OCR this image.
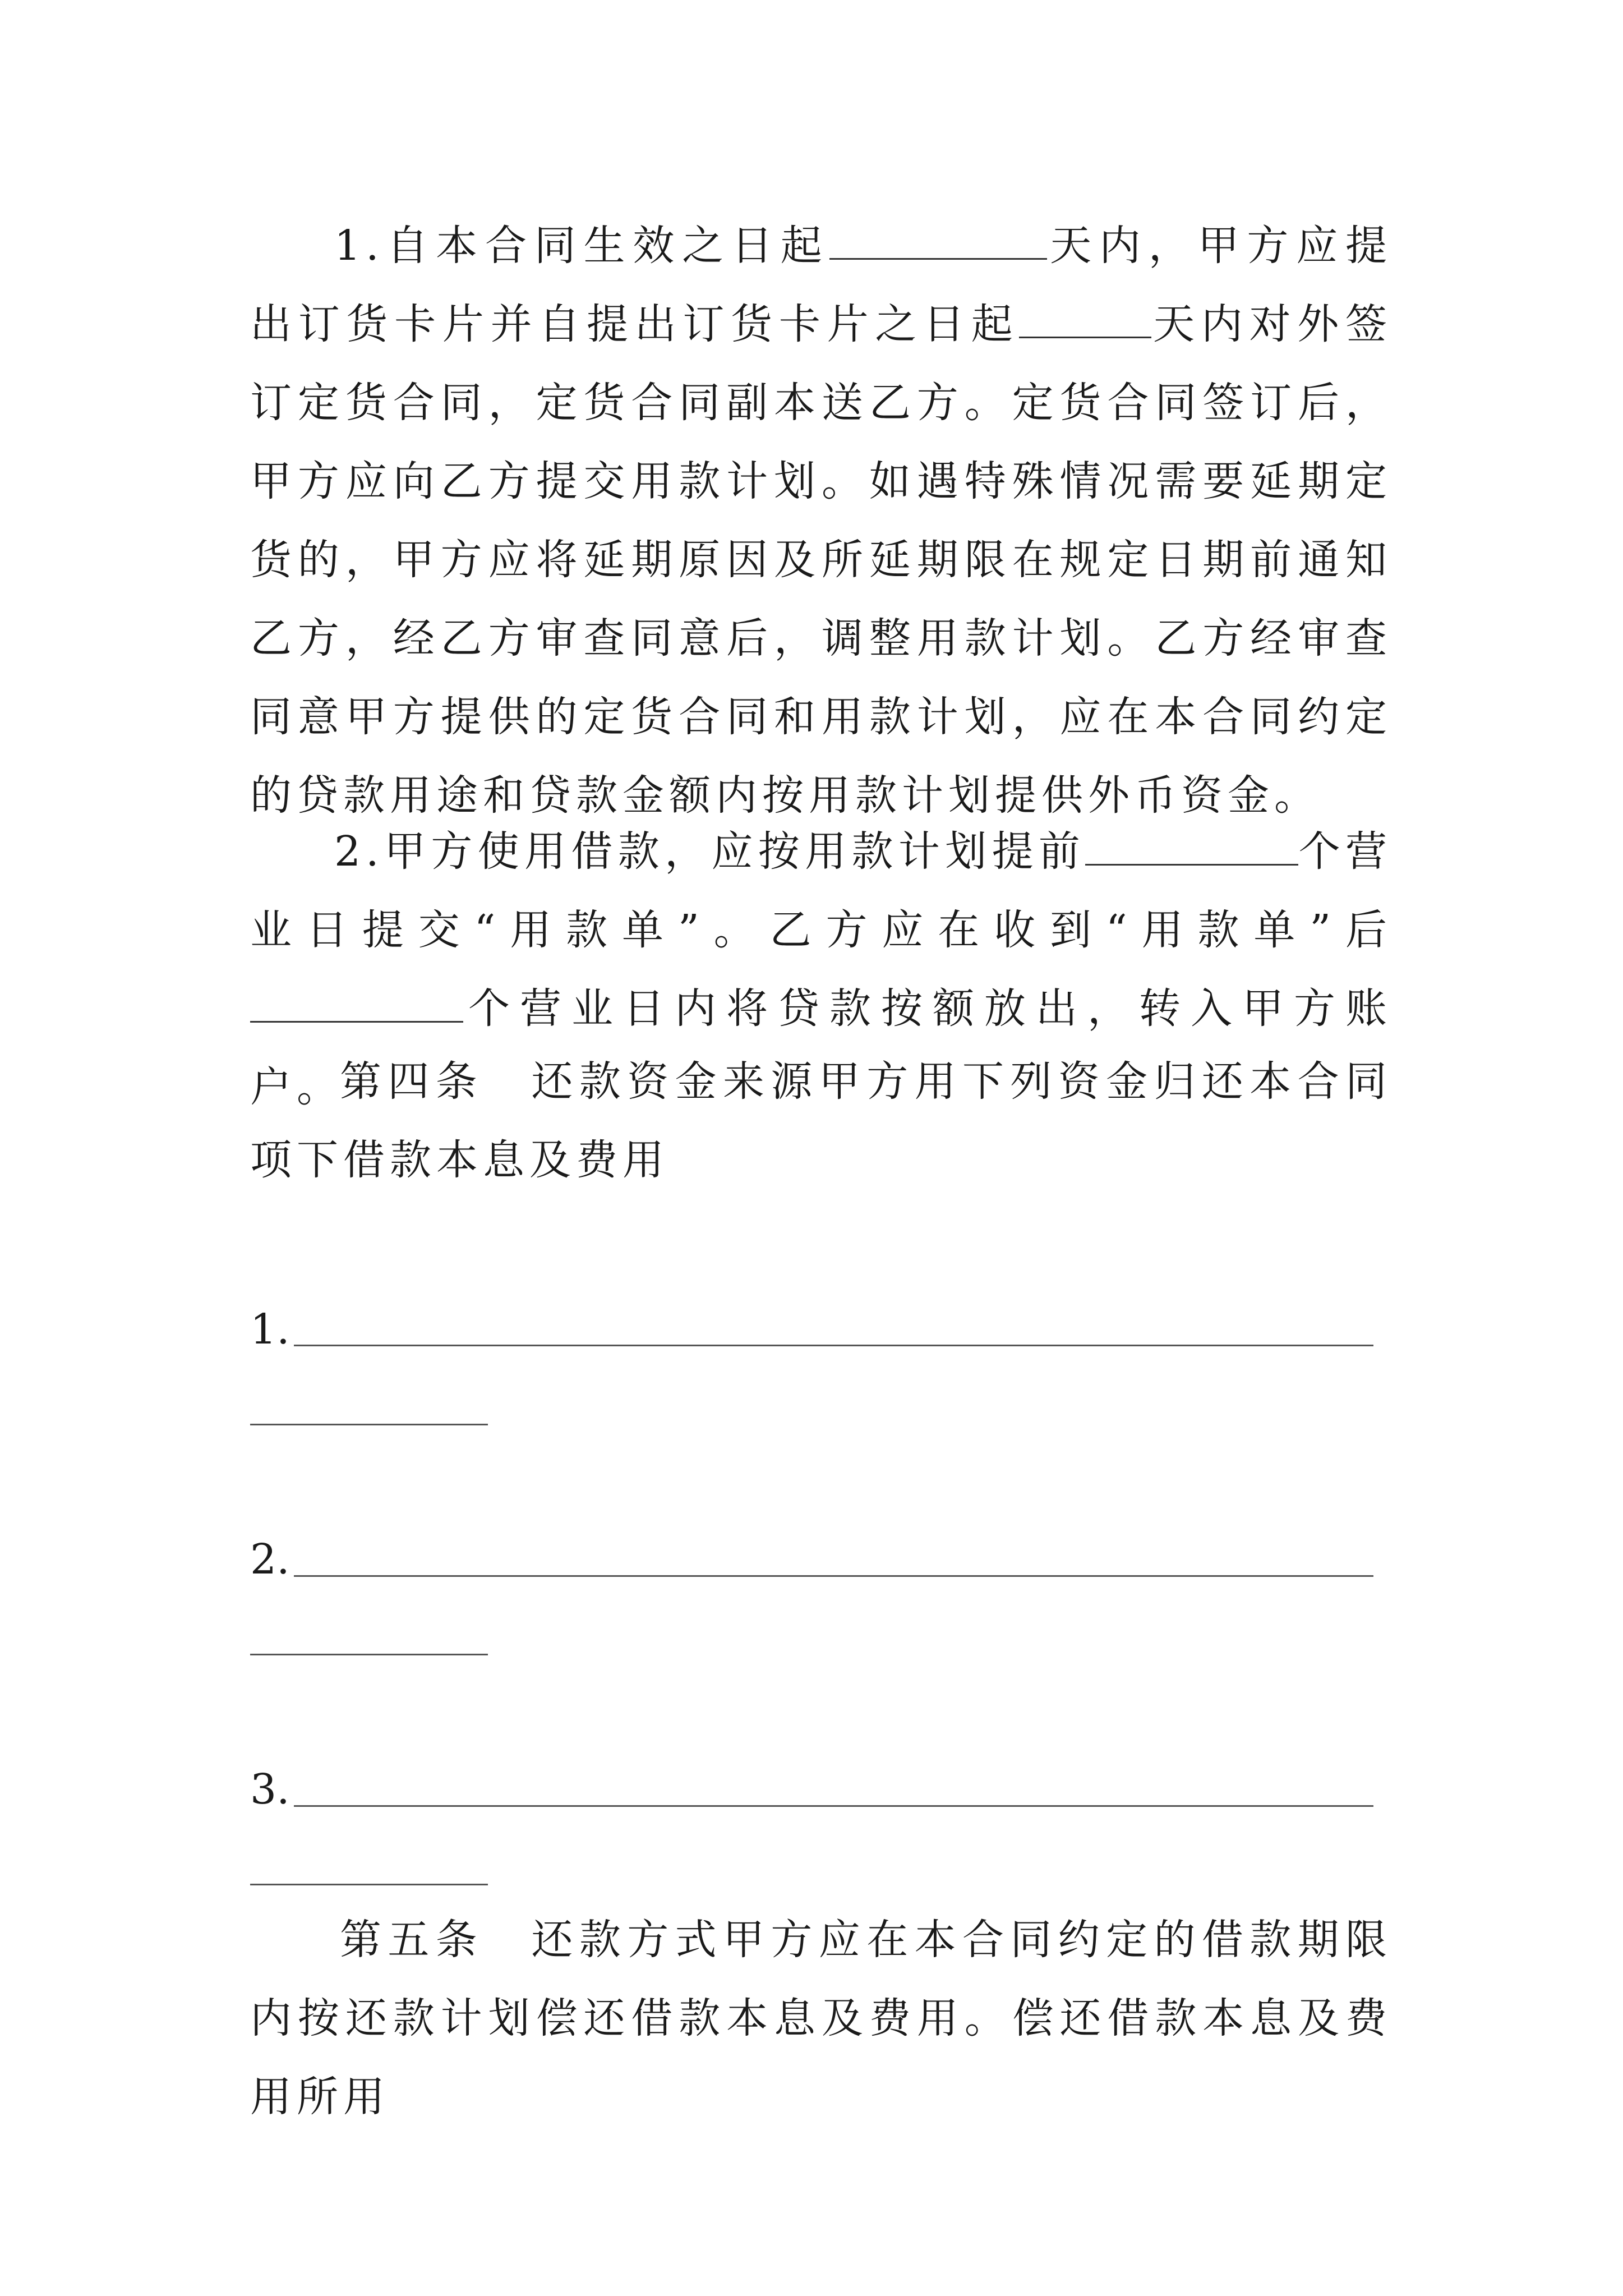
1.自本合同生效之日起	天内，甲方应提出订货卡片并自提出订货卡片之日起	天内对外签订定货合同，定货合同副本送乙方。定货合同签订后，甲方应向乙方提交用款计划。如遇特殊情况需要延期定货的，甲方应将延期原因及所延期限在规定日期前通知乙方，经乙方审查同意后，调整用款计划。乙方经审查同意甲方提供的定货合同和用款计划，应在本合同约定的贷款用途和贷款金额内按用款计划提供外币资金。

2.甲方使用借款，应按用款计划提前	个营业日提交“用款单”。乙方应在收到“用款单”后个营业日内将贷款按额放出，转入甲方账户。

第四条　还款资金来源甲方用下列资金归还本合同项下借款本息及费用

1.

2.

3.

第五条　还款方式甲方应在本合同约定的借款期限内按还款计划偿还借款本息及费用。偿还借款本息及费用所用
